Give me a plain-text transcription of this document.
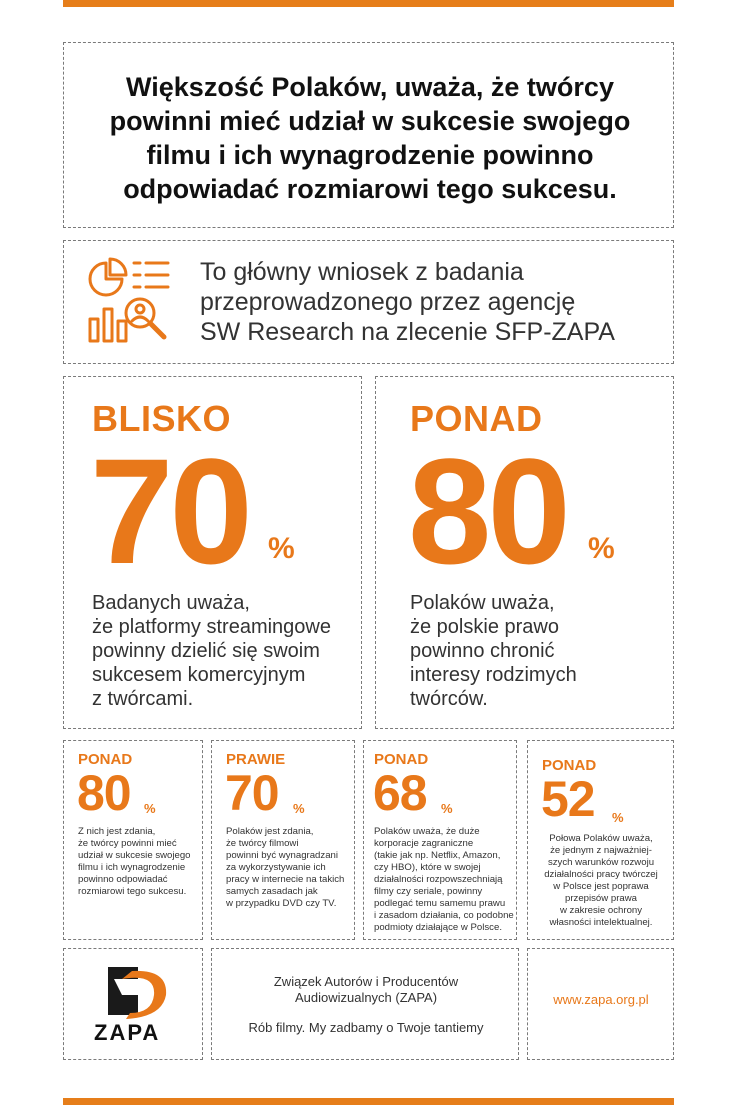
Większość Polaków, uważa, że twórcy
powinni mieć udział w sukcesie swojego
filmu i ich wynagrodzenie powinno
odpowiadać rozmiarowi tego sukcesu.
To główny wniosek z badania
przeprowadzonego przez agencję
SW Research na zlecenie SFP-ZAPA
BLISKO
70 %
Badanych uważa,
że platformy streamingowe
powinny dzielić się swoim
sukcesem komercyjnym
z twórcami.
PONAD
80 %
Polaków uważa,
że polskie prawo
powinno chronić
interesy rodzimych
twórców.
PONAD
80 %
Z nich jest zdania,
że twórcy powinni mieć
udział w sukcesie swojego
filmu i ich wynagrodzenie
powinno odpowiadać
rozmiarowi tego sukcesu.
PRAWIE
70 %
Polaków jest zdania,
że twórcy filmowi
powinni być wynagradzani
za wykorzystywanie ich
pracy w internecie na takich
samych zasadach jak
w przypadku DVD czy TV.
PONAD
68 %
Polaków uważa, że duże
korporacje zagraniczne
(takie jak np. Netflix, Amazon,
czy HBO), które w swojej
działalności rozpowszechniają
filmy czy seriale, powinny
podlegać temu samemu prawu
i zasadom działania, co podobne
podmioty działające w Polsce.
PONAD
52 %
Połowa Polaków uważa,
że jednym z najważniej-
szych warunków rozwoju
działalności pracy twórczej
w Polsce jest poprawa
przepisów prawa
w zakresie ochrony
własności intelektualnej.
ZAPA
Związek Autorów i Producentów
Audiowizualnych (ZAPA)
Rób filmy. My zadbamy o Twoje tantiemy
www.zapa.org.pl
